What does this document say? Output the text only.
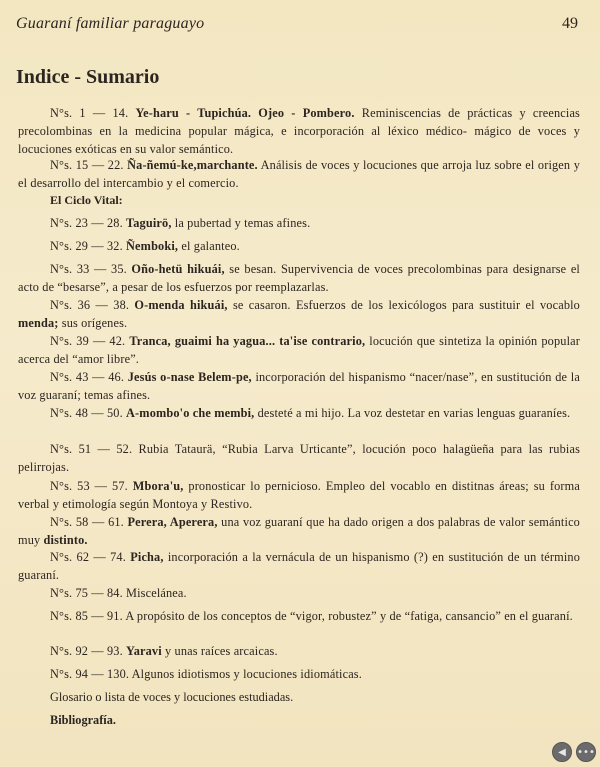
Guaraní familiar paraguayo	49
Indice - Sumario
N°s. 1 — 14. Ye-haru - Tupichúa. Ojeo - Pombero. Reminiscencias de prácticas y creencias precolombinas en la medicina popular mágica, e incorporación al léxico médico- mágico de voces y locuciones exóticas en su valor semántico.
N°s. 15 — 22. Ña-ñemú-ke,marchante. Análisis de voces y locuciones que arroja luz sobre el origen y el desarrollo del intercambio y el comercio.
El Ciclo Vital:
N°s. 23 — 28. Taguirö, la pubertad y temas afines.
N°s. 29 — 32. Ñemboki, el galanteo.
N°s. 33 — 35. Oño-hetü hikuái, se besan. Supervivencia de voces precolombinas para designarse el acto de “besarse”, a pesar de los esfuerzos por reemplazarlas.
N°s. 36 — 38. O-menda hikuái, se casaron. Esfuerzos de los lexicólogos para sustituir el vocablo menda; sus orígenes.
N°s. 39 — 42. Tranca, guaimi ha yagua... ta'ise contrario, locución que sintetiza la opinión popular acerca del “amor libre”.
N°s. 43 — 46. Jesús o-nase Belem-pe, incorporación del hispanismo “nacer/nase”, en sustitución de la voz guaraní; temas afines.
N°s. 48 — 50. A-mombo'o che membi, desteté a mi hijo. La voz destetar en varias lenguas guaraníes.
N°s. 51 — 52. Rubia Tataurä, “Rubia Larva Urticante”, locución poco halagüeña para las rubias pelirrojas.
N°s. 53 — 57. Mbora'u, pronosticar lo pernicioso. Empleo del vocablo en distitnas áreas; su forma verbal y etimología según Montoya y Restivo.
N°s. 58 — 61. Perera, Aperera, una voz guaraní que ha dado origen a dos palabras de valor semántico muy distinto.
N°s. 62 — 74. Picha, incorporación a la vernácula de un hispanismo (?) en sustitución de un término guaraní.
N°s. 75 — 84. Miscelánea.
N°s. 85 — 91. A propósito de los conceptos de “vigor, robustez” y de “fatiga, cansancio” en el guaraní.
N°s. 92 — 93. Yaravi y unas raíces arcaicas.
N°s. 94 — 130. Algunos idiotismos y locuciones idiomáticas.
Glosario o lista de voces y locuciones estudiadas.
Bibliografía.
◀	•••
